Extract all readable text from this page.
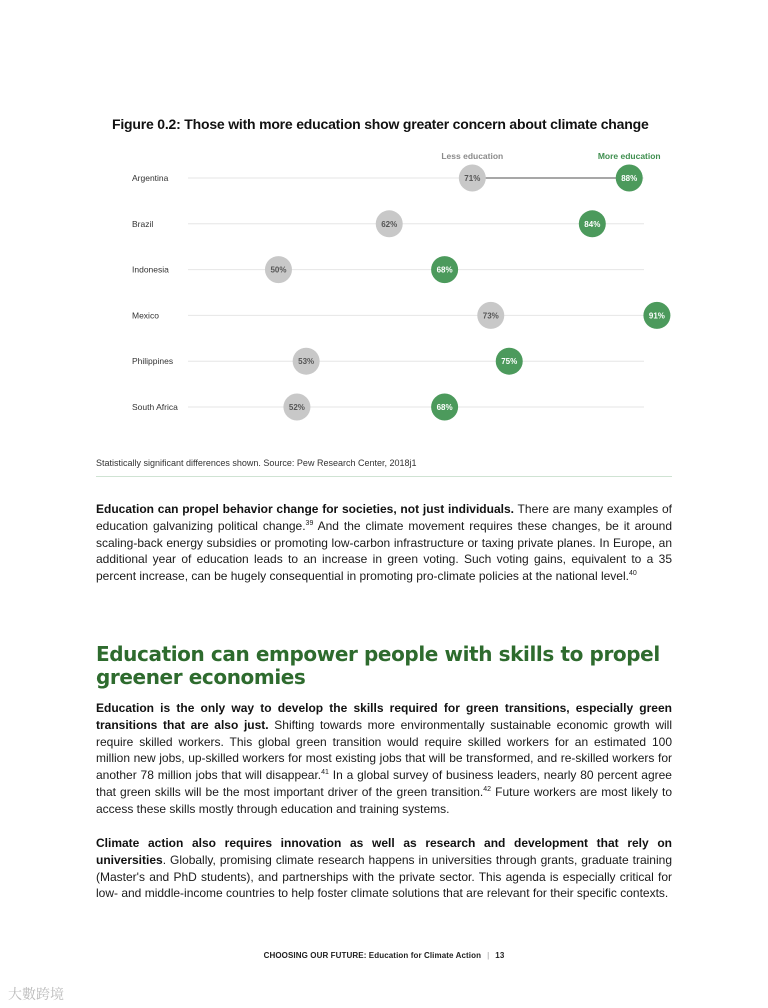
Figure 0.2: Those with more education show greater concern about climate change
Less education	More education
Argentina	71%	88%
Brazil	62%	84%
Indonesia	50%	68%
Mexico	73%	91%
Philippines	53%	75%
South Africa	52%	68%
Statistically significant differences shown. Source: Pew Research Center, 2018j1
Education can propel behavior change for societies, not just individuals. There are many examples of education galvanizing political change.$^{39}$ And the climate movement requires these changes, be it around scaling-back energy subsidies or promoting low-carbon infrastructure or taxing private planes. In Europe, an additional year of education leads to an increase in green voting. Such voting gains, equivalent to a 35 percent increase, can be hugely consequential in promoting pro-climate policies at the national level.$^{40}$
Education can empower people with skills to propel greener economies
Education is the only way to develop the skills required for green transitions, especially green transitions that are also just. Shifting towards more environmentally sustainable economic growth will require skilled workers. This global green transition would require skilled workers for an estimated 100 million new jobs, up-skilled workers for most existing jobs that will be transformed, and re-skilled workers for another 78 million jobs that will disappear.$^{41}$ In a global survey of business leaders, nearly 80 percent agree that green skills will be the most important driver of the green transition.$^{42}$ Future workers are most likely to access these skills mostly through education and training systems.
Climate action also requires innovation as well as research and development that rely on universities. Globally, promising climate research happens in universities through grants, graduate training (Master's and PhD students), and partnerships with the private sector. This agenda is especially critical for low- and middle-income countries to help foster climate solutions that are relevant for their specific contexts.
CHOOSING OUR FUTURE: Education for Climate Action | 13
大數跨境
